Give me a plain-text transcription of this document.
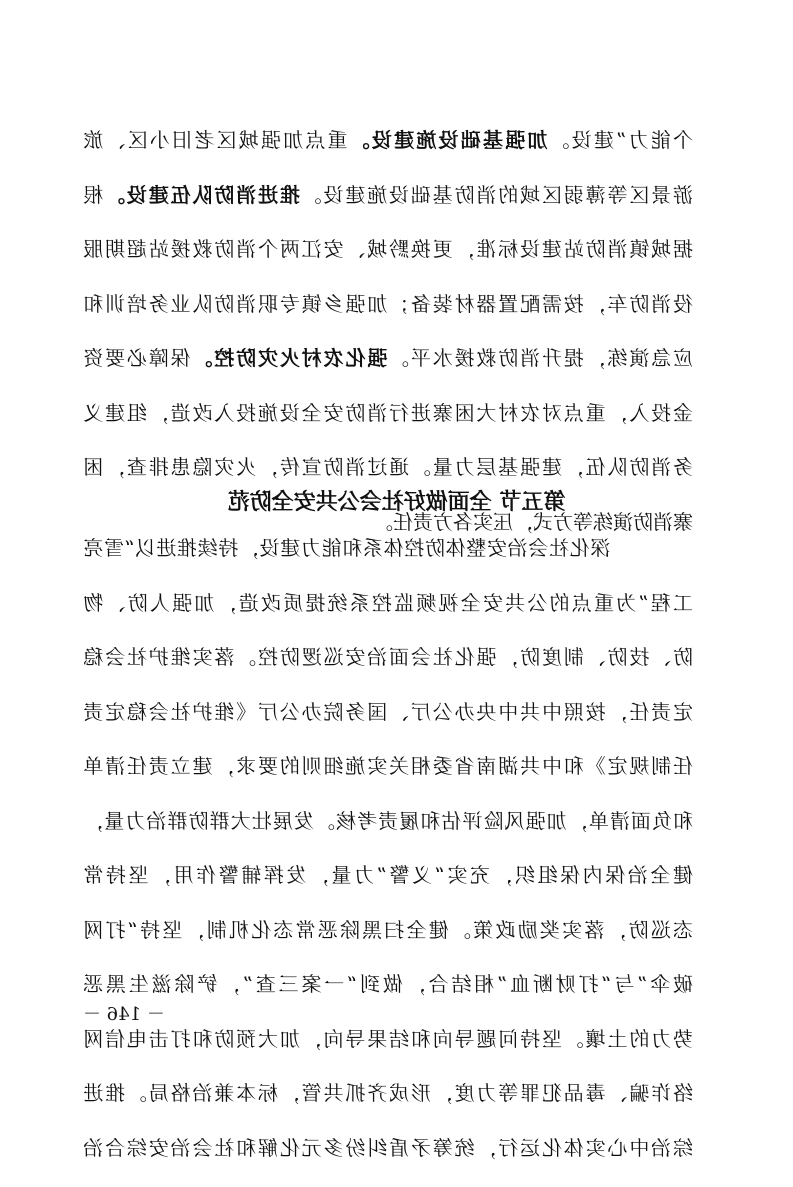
个
能
力
”
建
设
。
加
强
基
础
设
施
建
设
。
重
点
加
强
城
区
老
旧
小
区
、
旅
游
景
区
等
薄
弱
区
域
的
消
防
基
础
设
施
建
设
。
推
进
消
防
队
伍
建
设
。
根
据
城
镇
消
防
站
建
设
标
准
，
更
换
黔
城
、
安
江
两
个
消
防
救
援
站
超
期
服
役
消
防
车
，
按
需
配
置
器
材
装
备
；
加
强
乡
镇
专
职
消
防
队
业
务
培
训
和
应
急
演
练
，
提
升
消
防
救
援
水
平
。
强
化
农
村
火
灾
防
控
。
保
障
必
要
资
金
投
入
，
重
点
对
农
村
大
困
寨
进
行
消
防
安
全
设
施
投
入
改
造
，
组
建
义
务
消
防
队
伍
，
建
强
基
层
力
量
。
通
过
消
防
宣
传
，
火
灾
隐
患
排
查
，
困
寨
消
防
演
练
等
方
式
，
压
实
各
方
责
任
。
第五节 全面做好社会公共安全防范

深
化
社
会
治
安
整
体
防
控
体
系
和
能
力
建
设
，
持
续
推
进
以
“
雪
亮
工
程
”
为
重
点
的
公
共
安
全
视
频
监
控
系
统
提
质
改
造
，
加
强
人
防
、
物
防
、
技
防
、
制
度
防
，
强
化
社
会
面
治
安
巡
逻
防
控
。
落
实
维
护
社
会
稳
定
责
任
，
按
照
中
共
中
央
办
公
厅
、
国
务
院
办
公
厅
《
维
护
社
会
稳
定
责
任
制
规
定
》
和
中
共
湖
南
省
委
相
关
实
施
细
则
的
要
求
，
建
立
责
任
清
单
和
负
面
清
单
，
加
强
风
险
评
估
和
履
责
考
核
。
发
展
壮
大
群
防
群
治
力
量
，
健
全
治
保
内
保
组
织
，
充
实
“
义
警
”
力
量
，
发
挥
辅
警
作
用
，
坚
持
常
态
巡
防
，
落
实
奖
励
政
策
。
健
全
扫
黑
除
恶
常
态
化
机
制
，
坚
持
“
打
网
破
伞
”
与
“
打
财
断
血
”
相
结
合
，
做
到
“
一
案
三
查
”
，
铲
除
滋
生
黑
恶
势
力
的
土
壤
。
坚
持
问
题
导
向
和
结
果
导
向
，
加
大
预
防
和
打
击
电
信
网
络
诈
骗
、
毒
品
犯
罪
等
力
度
，
形
成
齐
抓
共
管
，
标
本
兼
治
格
局
。
推
进
综
治
中
心
实
体
化
运
行
，
统
筹
矛
盾
纠
纷
多
元
化
解
和
社
会
治
安
综
合
治
－ 146 －
